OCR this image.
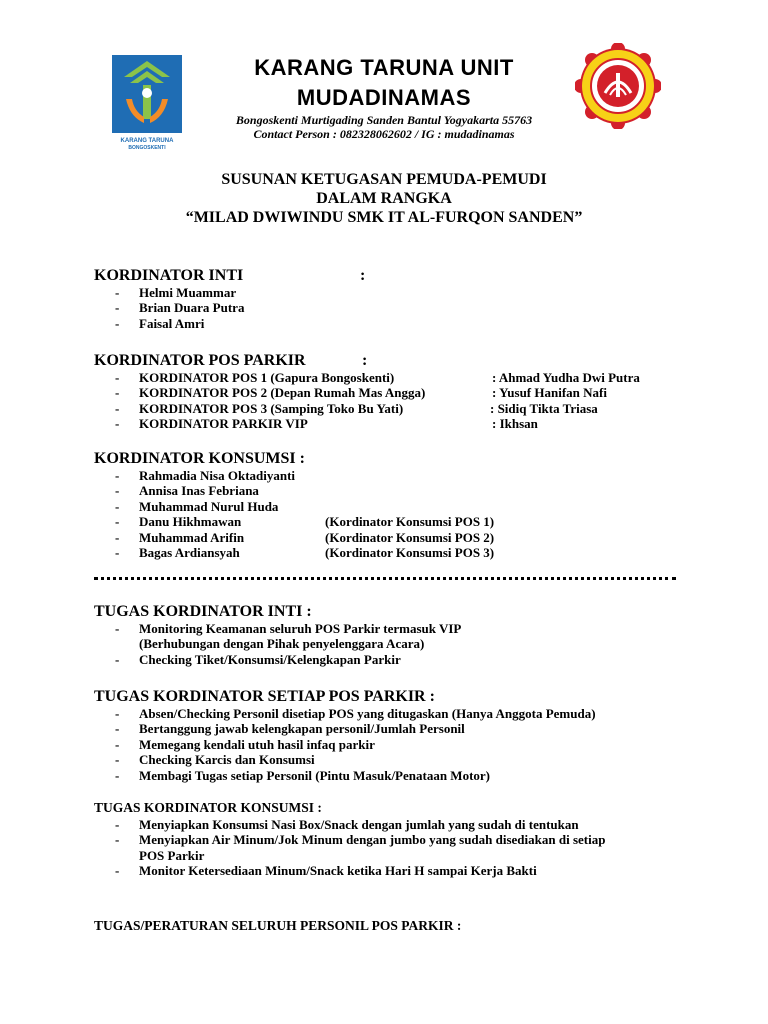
KARANG TARUNA
BONGOSKENTI
KARANG TARUNA UNIT
MUDADINAMAS
Bongoskenti Murtigading Sanden Bantul Yogyakarta 55763
Contact Person : 082328062602 / IG : mudadinamas
SUSUNAN KETUGASAN PEMUDA-PEMUDI
DALAM RANGKA
“MILAD DWIWINDU SMK IT AL-FURQON SANDEN”
KORDINATOR INTI	:
- Helmi Muammar
- Brian Duara Putra
- Faisal Amri
KORDINATOR POS PARKIR	:
- KORDINATOR POS 1 (Gapura Bongoskenti)	: Ahmad Yudha Dwi Putra
- KORDINATOR POS 2 (Depan Rumah Mas Angga)	: Yusuf Hanifan Nafi
- KORDINATOR POS 3 (Samping Toko Bu Yati)	: Sidiq Tikta Triasa
- KORDINATOR PARKIR VIP	: Ikhsan
KORDINATOR KONSUMSI :
- Rahmadia Nisa Oktadiyanti
- Annisa Inas Febriana
- Muhammad Nurul Huda
- Danu Hikhmawan	(Kordinator Konsumsi POS 1)
- Muhammad Arifin	(Kordinator Konsumsi POS 2)
- Bagas Ardiansyah	(Kordinator Konsumsi POS 3)
TUGAS KORDINATOR INTI :
- Monitoring Keamanan seluruh POS Parkir termasuk VIP
(Berhubungan dengan Pihak penyelenggara Acara)
- Checking Tiket/Konsumsi/Kelengkapan Parkir
TUGAS KORDINATOR SETIAP POS PARKIR :
- Absen/Checking Personil disetiap POS yang ditugaskan (Hanya Anggota Pemuda)
- Bertanggung jawab kelengkapan personil/Jumlah Personil
- Memegang kendali utuh hasil infaq parkir
- Checking Karcis dan Konsumsi
- Membagi Tugas setiap Personil (Pintu Masuk/Penataan Motor)
TUGAS KORDINATOR KONSUMSI :
- Menyiapkan Konsumsi Nasi Box/Snack dengan jumlah yang sudah di tentukan
- Menyiapkan Air Minum/Jok Minum dengan jumbo yang sudah disediakan di setiap
POS Parkir
- Monitor Ketersediaan Minum/Snack ketika Hari H sampai Kerja Bakti
TUGAS/PERATURAN SELURUH PERSONIL POS PARKIR :
